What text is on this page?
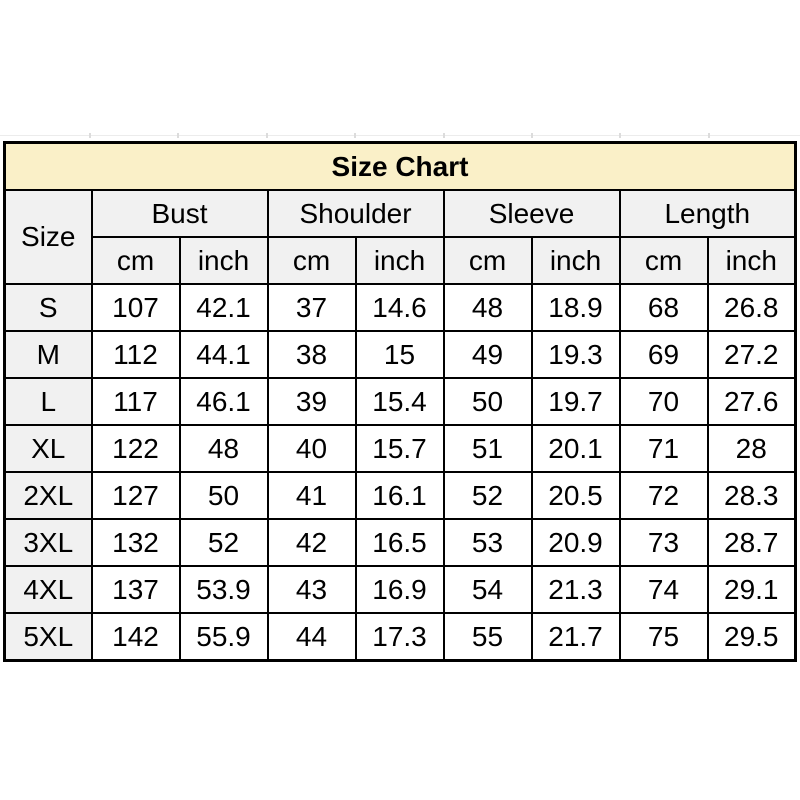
Size Chart								
Size	Bust		Shoulder		Sleeve		Length	
	cm	inch	cm	inch	cm	inch	cm	inch
S	107	42.1	37	14.6	48	18.9	68	26.8
M	112	44.1	38	15	49	19.3	69	27.2
L	117	46.1	39	15.4	50	19.7	70	27.6
XL	122	48	40	15.7	51	20.1	71	28
2XL	127	50	41	16.1	52	20.5	72	28.3
3XL	132	52	42	16.5	53	20.9	73	28.7
4XL	137	53.9	43	16.9	54	21.3	74	29.1
5XL	142	55.9	44	17.3	55	21.7	75	29.5
